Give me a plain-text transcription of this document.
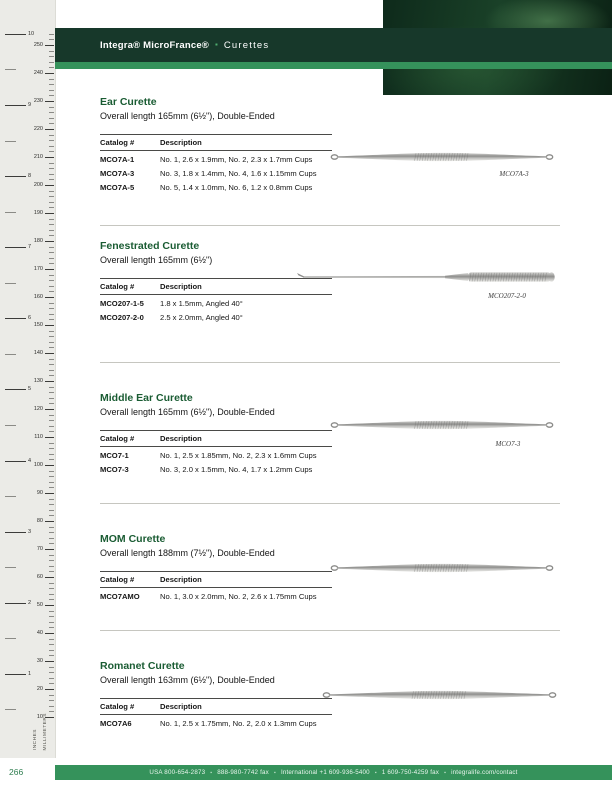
250
240
230
220
210
200
190
180
170
160
150
140
130
120
110
100
90
80
70
60
50
40
30
20
10
10
9
8
7
6
5
4
3
2
1
INCHES MILLIMETERS
266
Integra® MicroFrance® ▪ Curettes
Ear Curette

Overall length 165mm (6½"), Double-Ended

Catalog #	Description
MCO7A-1	No. 1, 2.6 x 1.9mm, No. 2, 2.3 x 1.7mm Cups
MCO7A-3	No. 3, 1.8 x 1.4mm, No. 4, 1.6 x 1.15mm Cups
MCO7A-5	No. 5, 1.4 x 1.0mm, No. 6, 1.2 x 0.8mm Cups
MCO7A-3
Fenestrated Curette

Overall length 165mm (6½")

Catalog #	Description
MCO207-1-5	1.8 x 1.5mm, Angled 40°
MCO207-2-0	2.5 x 2.0mm, Angled 40°
MCO207-2-0
Middle Ear Curette

Overall length 165mm (6½"), Double-Ended

Catalog #	Description
MCO7-1	No. 1, 2.5 x 1.85mm, No. 2, 2.3 x 1.6mm Cups
MCO7-3	No. 3, 2.0 x 1.5mm, No. 4, 1.7 x 1.2mm Cups
MCO7-3
MOM Curette

Overall length 188mm (7½"), Double-Ended

Catalog #	Description
MCO7AMO	No. 1, 3.0 x 2.0mm, No. 2, 2.6 x 1.75mm Cups
Romanet Curette

Overall length 163mm (6½"), Double-Ended

Catalog #	Description
MCO7A6	No. 1, 2.5 x 1.75mm, No. 2, 2.0 x 1.3mm Cups
USA 800-654-2873 ▪ 888-980-7742 fax ▪ International +1 609-936-5400 ▪ 1 609-750-4259 fax ▪ integralife.com/contact
